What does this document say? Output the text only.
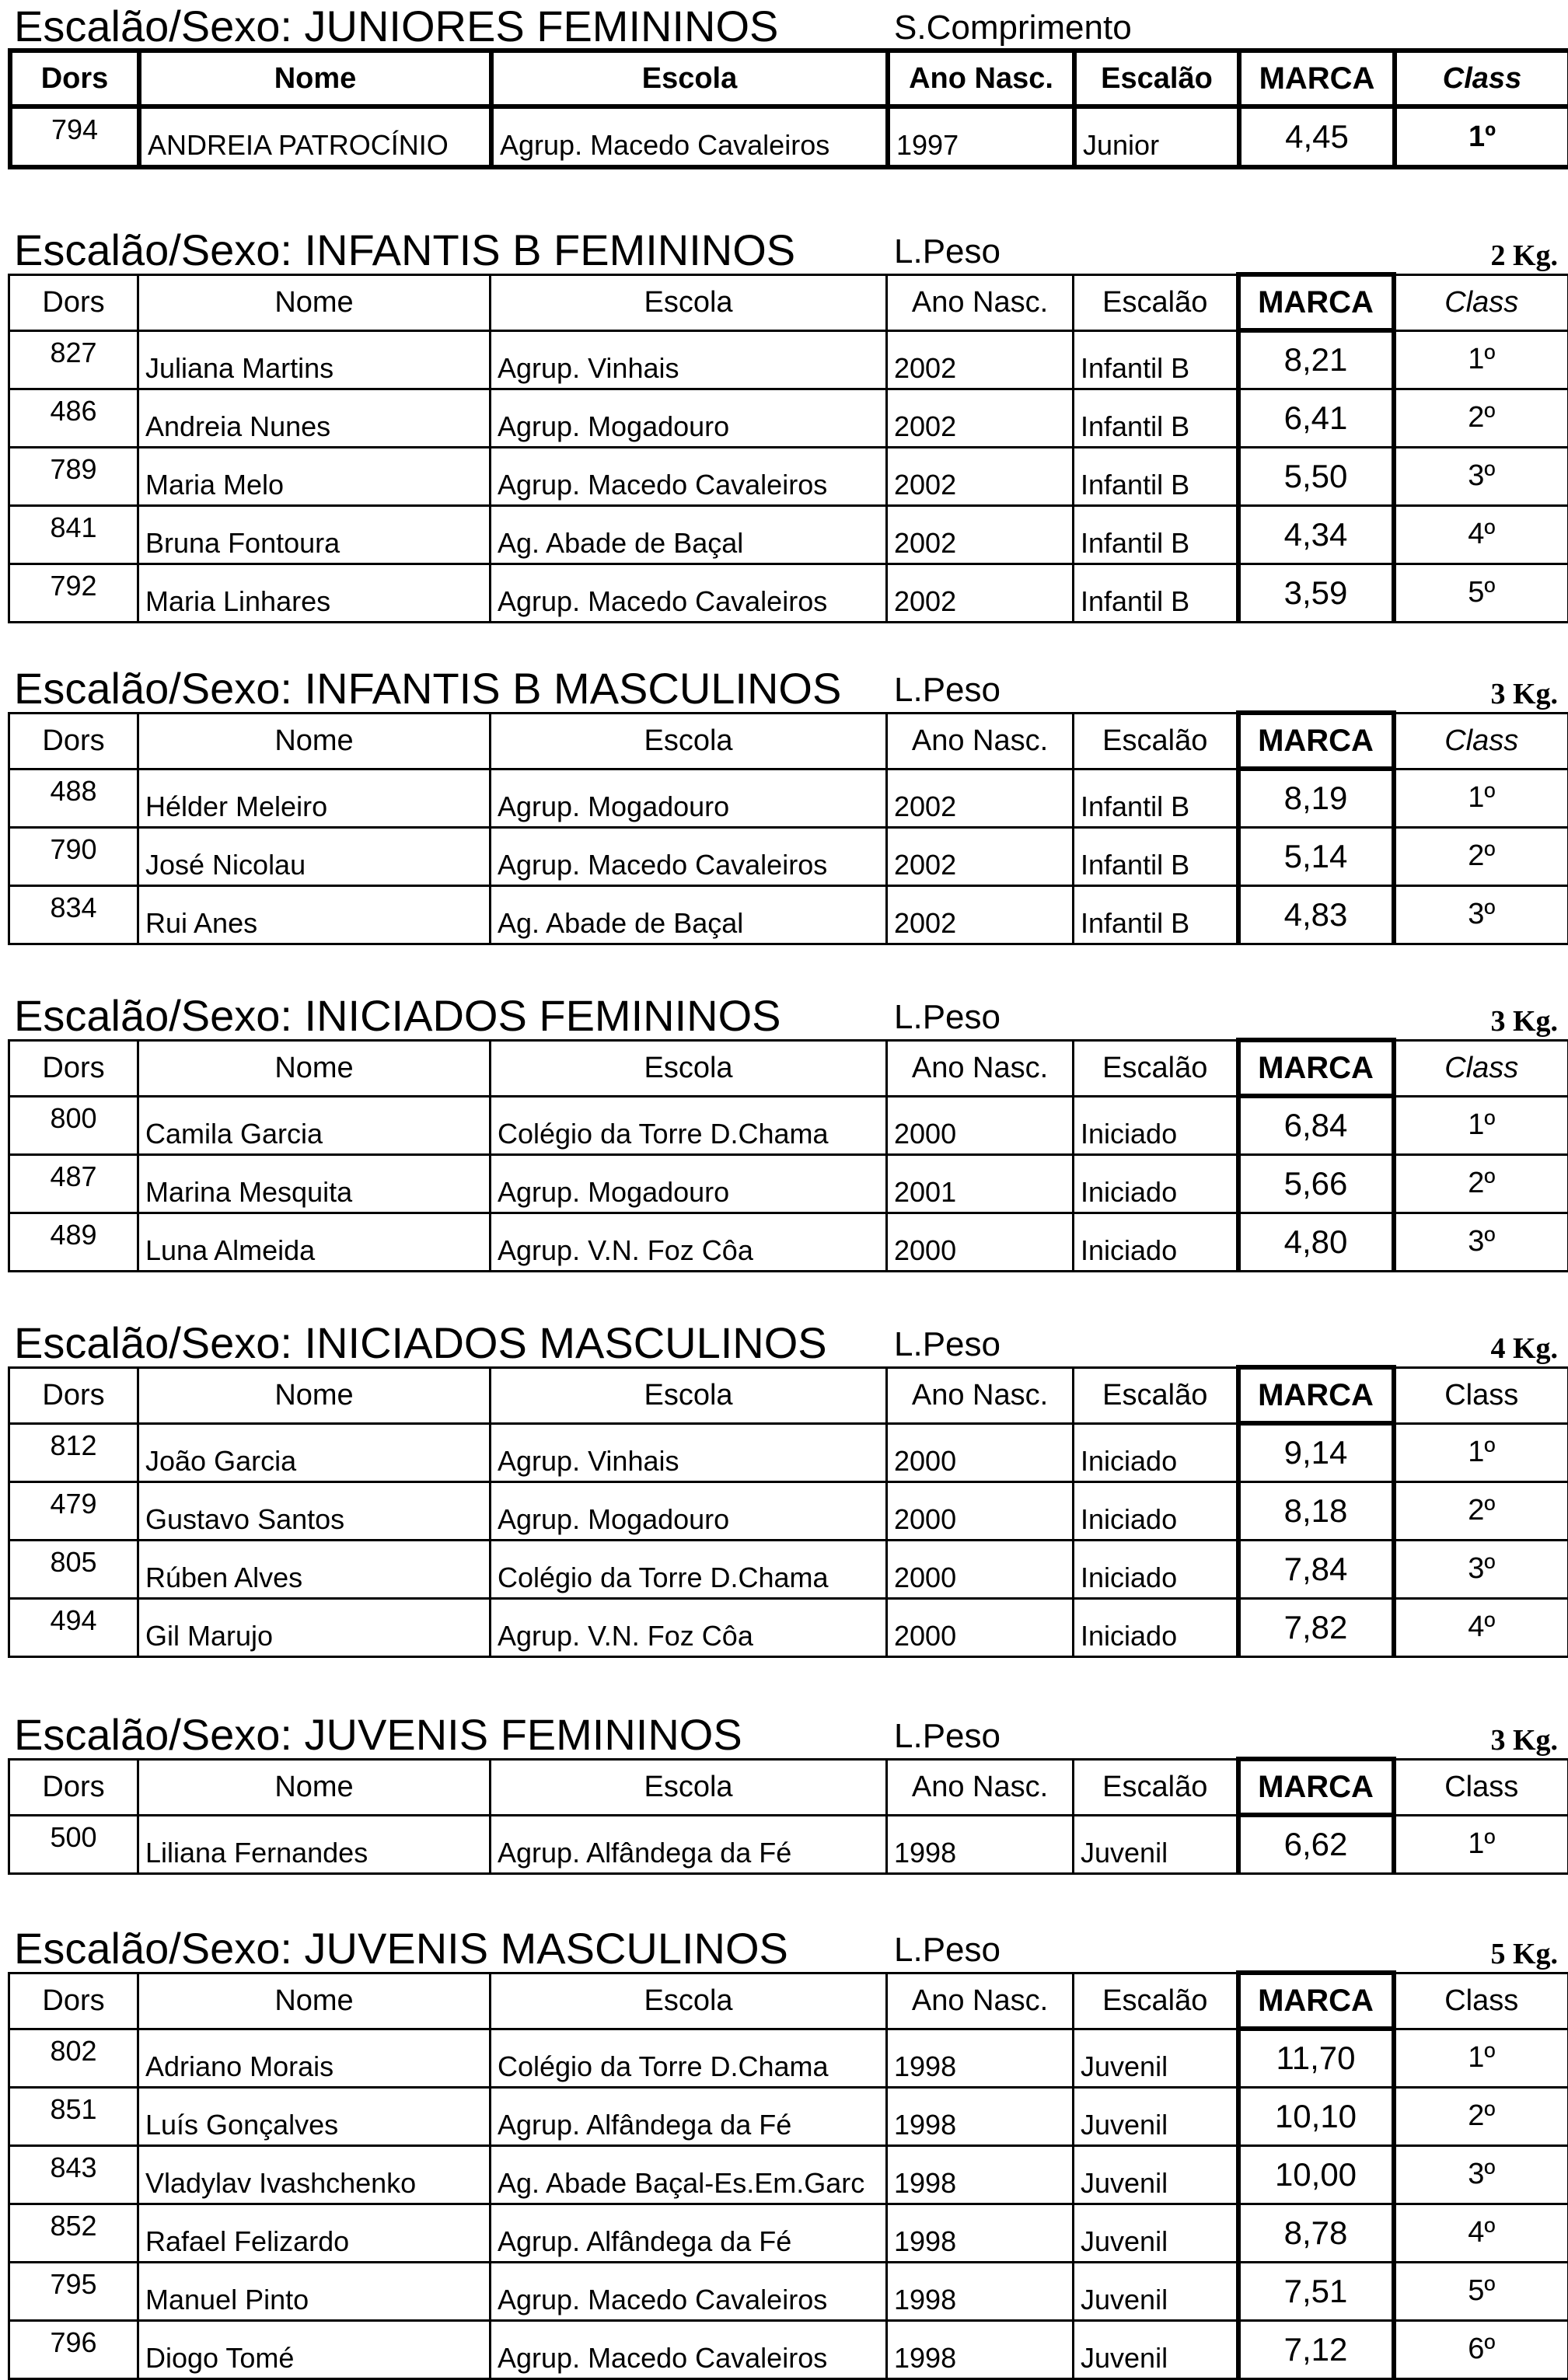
Escalão/Sexo: JUNIORES FEMININOS	S.Comprimento
Dors	Nome	Escola	Ano Nasc.	Escalão	MARCA	Class
794	ANDREIA PATROCÍNIO	Agrup. Macedo Cavaleiros	1997	Junior	4,45	1º
Escalão/Sexo: INFANTIS B FEMININOS	L.Peso	2 Kg.
Dors	Nome	Escola	Ano Nasc.	Escalão	MARCA	Class
827	Juliana Martins	Agrup. Vinhais	2002	Infantil B	8,21	1º
486	Andreia Nunes	Agrup. Mogadouro	2002	Infantil B	6,41	2º
789	Maria Melo	Agrup. Macedo Cavaleiros	2002	Infantil B	5,50	3º
841	Bruna Fontoura	Ag. Abade de Baçal	2002	Infantil B	4,34	4º
792	Maria Linhares	Agrup. Macedo Cavaleiros	2002	Infantil B	3,59	5º
Escalão/Sexo: INFANTIS B MASCULINOS L.Peso	3 Kg.
Dors	Nome	Escola	Ano Nasc.	Escalão	MARCA	Class
488	Hélder Meleiro	Agrup. Mogadouro	2002	Infantil B	8,19	1º
790	José Nicolau	Agrup. Macedo Cavaleiros	2002	Infantil B	5,14	2º
834	Rui Anes	Ag. Abade de Baçal	2002	Infantil B	4,83	3º
Escalão/Sexo: INICIADOS FEMININOS	L.Peso	3 Kg.
Dors	Nome	Escola	Ano Nasc.	Escalão	MARCA	Class
800	Camila Garcia	Colégio da Torre D.Chama	2000	Iniciado	6,84	1º
487	Marina Mesquita	Agrup. Mogadouro	2001	Iniciado	5,66	2º
489	Luna Almeida	Agrup. V.N. Foz Côa	2000	Iniciado	4,80	3º
Escalão/Sexo: INICIADOS MASCULINOS L.Peso	4 Kg.
Dors	Nome	Escola	Ano Nasc.	Escalão	MARCA	Class
812	João Garcia	Agrup. Vinhais	2000	Iniciado	9,14	1º
479	Gustavo Santos	Agrup. Mogadouro	2000	Iniciado	8,18	2º
805	Rúben Alves	Colégio da Torre D.Chama	2000	Iniciado	7,84	3º
494	Gil Marujo	Agrup. V.N. Foz Côa	2000	Iniciado	7,82	4º
Escalão/Sexo: JUVENIS FEMININOS	L.Peso	3 Kg.
Dors	Nome	Escola	Ano Nasc.	Escalão	MARCA	Class
500	Liliana Fernandes	Agrup. Alfândega da Fé	1998	Juvenil	6,62	1º
Escalão/Sexo: JUVENIS MASCULINOS	L.Peso	5 Kg.
Dors	Nome	Escola	Ano Nasc.	Escalão	MARCA	Class
802	Adriano Morais	Colégio da Torre D.Chama	1998	Juvenil	11,70	1º
851	Luís Gonçalves	Agrup. Alfândega da Fé	1998	Juvenil	10,10	2º
843	Vladylav Ivashchenko	Ag. Abade Baçal-Es.Em.Garc	1998	Juvenil	10,00	3º
852	Rafael Felizardo	Agrup. Alfândega da Fé	1998	Juvenil	8,78	4º
795	Manuel Pinto	Agrup. Macedo Cavaleiros	1998	Juvenil	7,51	5º
796	Diogo Tomé	Agrup. Macedo Cavaleiros	1998	Juvenil	7,12	6º
